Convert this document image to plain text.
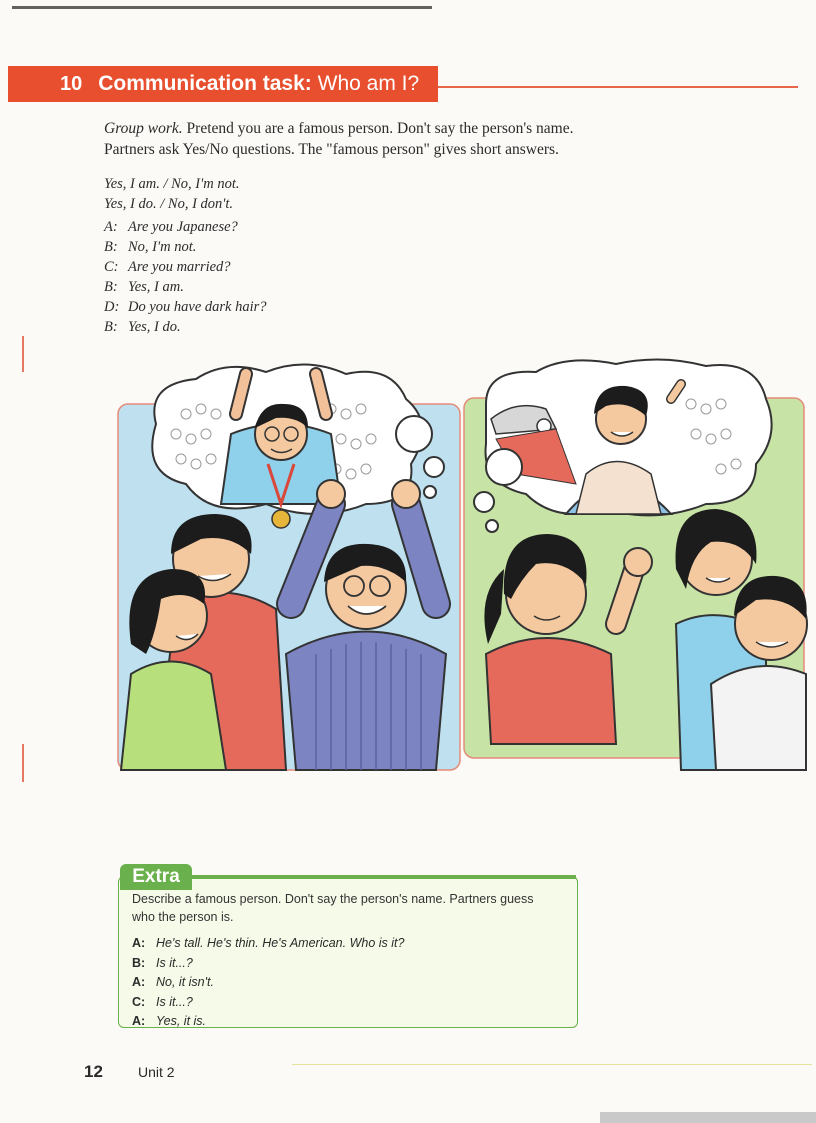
10 Communication task: Who am I?
Group work. Pretend you are a famous person. Don't say the person's name.
Partners ask Yes/No questions. The "famous person" gives short answers.
Yes, I am. / No, I'm not.
Yes, I do. / No, I don't.
A: Are you Japanese?
B: No, I'm not.
C: Are you married?
B: Yes, I am.
D: Do you have dark hair?
B: Yes, I do.
Extra
Describe a famous person. Don't say the person's name. Partners guess who the person is.
A: He's tall. He's thin. He's American. Who is it?
B: Is it...?
A: No, it isn't.
C: Is it...?
A: Yes, it is.
12	Unit 2
